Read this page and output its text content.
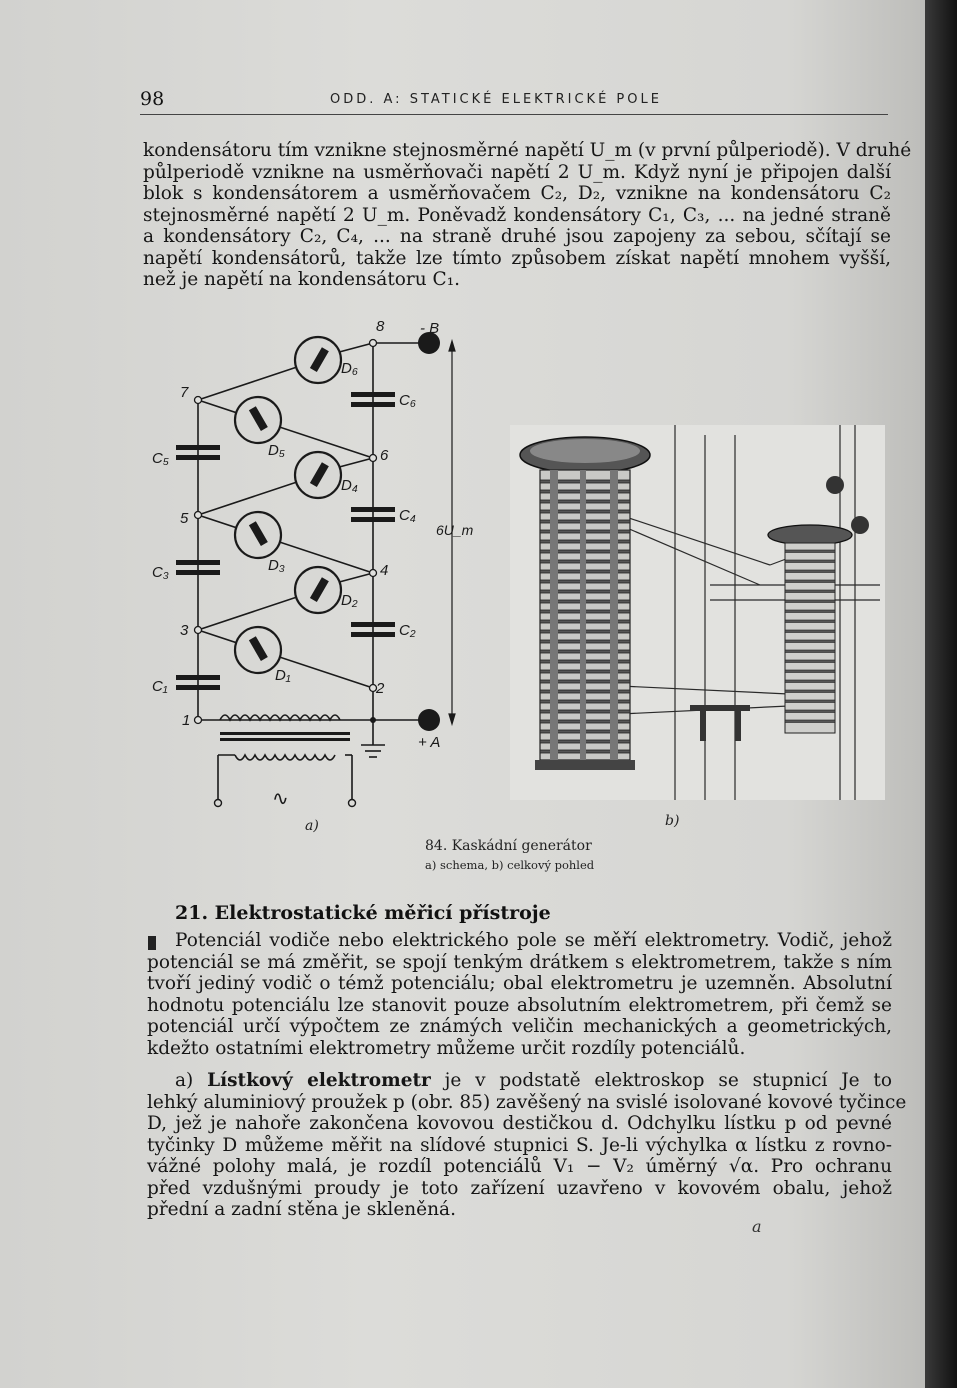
98	ODD. A: STATICKÉ ELEKTRICKÉ POLE
kondensátoru tím vznikne stejnosměrné napětí U_m (v první půlperiodě). V druhé
půlperiodě vznikne na usměrňovači napětí 2 U_m. Když nyní je připojen další
blok s kondensátorem a usměrňovačem C₂, D₂, vznikne na kondensátoru C₂
stejnosměrné napětí 2 U_m. Poněvadž kondensátory C₁, C₃, ... na jedné straně
a kondensátory C₂, C₄, ... na straně druhé jsou zapojeny za sebou, sčítají se
napětí kondensátorů, takže lze tímto způsobem získat napětí mnohem vyšší,
než je napětí na kondensátoru C₁.
8
7
6
5
4
3
2
1
C₅
C₃
C₁
C₆
C₄
C₂
D₆
D₅
D₄
D₃
D₂
D₁
- B
+ A
6U_m
∿
a)	b)
84. Kaskádní generátor
a) schema, b) celkový pohled
21. Elektrostatické měřicí přístroje
Potenciál vodiče nebo elektrického pole se měří elektrometry. Vodič, jehož
potenciál se má změřit, se spojí tenkým drátkem s elektrometrem, takže s ním
tvoří jediný vodič o témž potenciálu; obal elektrometru je uzemněn. Absolutní
hodnotu potenciálu lze stanovit pouze absolutním elektrometrem, při čemž se
potenciál určí výpočtem ze známých veličin mechanických a geometrických,
kdežto ostatními elektrometry můžeme určit rozdíly potenciálů.
a) Lístkový elektrometr je v podstatě elektroskop se stupnicí Je to
lehký aluminiový proužek p (obr. 85) zavěšený na svislé isolované kovové tyčince
D, jež je nahoře zakončena kovovou destičkou d. Odchylku lístku p od pevné
tyčinky D můžeme měřit na slídové stupnici S. Je-li výchylka α lístku z rovno-
vážné polohy malá, je rozdíl potenciálů V₁ − V₂ úměrný √α. Pro ochranu
před vzdušnými proudy je toto zařízení uzavřeno v kovovém obalu, jehož
přední a zadní stěna je skleněná.
a
